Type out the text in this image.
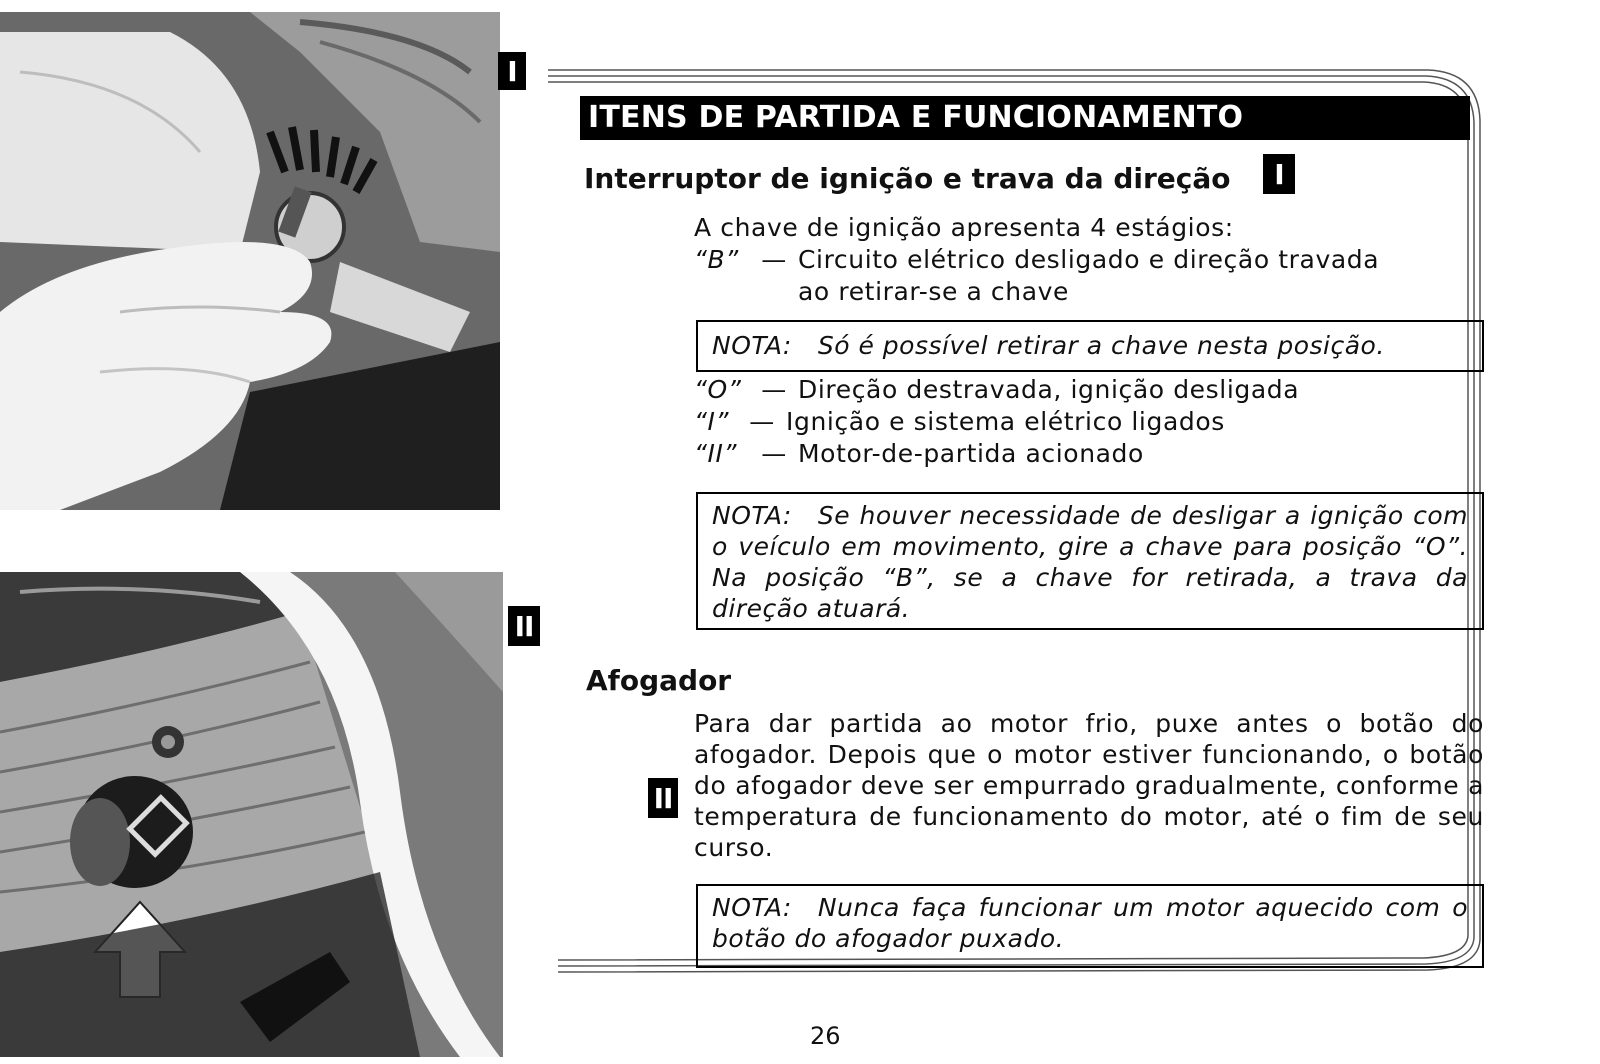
I
II
ITENS DE PARTIDA E FUNCIONAMENTO
Interruptor de ignição e trava da direção	I
A chave de ignição apresenta 4 estágios:
“B” — Circuito elétrico desligado e direção travada
ao retirar-se a chave
NOTA: Só é possível retirar a chave nesta posição.
“O” — Direção destravada, ignição desligada
“I” — Ignição e sistema elétrico ligados
“II” — Motor-de-partida acionado
NOTA: Se houver necessidade de desligar a ignição com o veículo em movimento, gire a chave para posição “O”. Na posição “B”, se a chave for retirada, a trava da direção atuará.
Afogador
II
Para dar partida ao motor frio, puxe antes o botão do afogador. Depois que o motor estiver funcionando, o botão do afogador deve ser empurrado gradualmente, conforme a temperatura de funcionamento do motor, até o fim de seu curso.
NOTA: Nunca faça funcionar um motor aquecido com o botão do afogador puxado.
26
